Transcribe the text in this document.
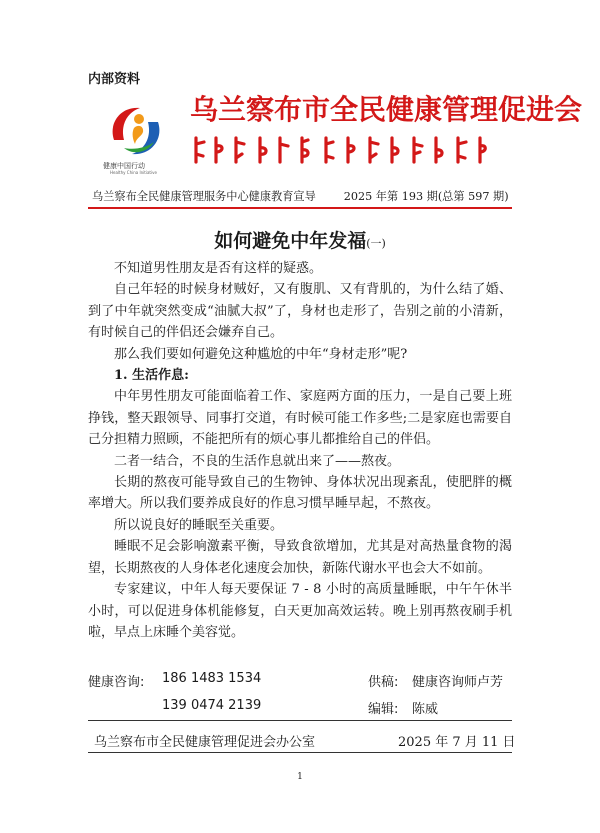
内部资料
健康中国行动
Healthy China Initiative
乌兰察布市全民健康管理促进会
乌兰察布全民健康管理服务中心健康教育宣导	2025 年第 193 期(总第 597 期)
如何避免中年发福(一)

不知道男性朋友是否有这样的疑惑。

自己年轻的时候身材贼好，又有腹肌、又有背肌的，为什么结了婚、到了中年就突然变成“油腻大叔”了，身材也走形了，告别之前的小清新，有时候自己的伴侣还会嫌弃自己。

那么我们要如何避免这种尴尬的中年“身材走形”呢?

1. 生活作息:

中年男性朋友可能面临着工作、家庭两方面的压力，一是自己要上班挣钱，整天跟领导、同事打交道，有时候可能工作多些;二是家庭也需要自己分担精力照顾，不能把所有的烦心事儿都推给自己的伴侣。

二者一结合，不良的生活作息就出来了——熬夜。

长期的熬夜可能导致自己的生物钟、身体状况出现紊乱，使肥胖的概率增大。所以我们要养成良好的作息习惯早睡早起，不熬夜。

所以说良好的睡眠至关重要。

睡眠不足会影响激素平衡，导致食欲增加，尤其是对高热量食物的渴望，长期熬夜的人身体老化速度会加快，新陈代谢水平也会大不如前。

专家建议，中年人每天要保证 7 - 8 小时的高质量睡眠，中午午休半小时，可以促进身体机能修复，白天更加高效运转。晚上别再熬夜刷手机啦，早点上床睡个美容觉。

健康咨询: 186 1483 1534
139 0474 2139
供稿: 健康咨询师卢芳
编辑: 陈威
乌兰察布市全民健康管理促进会办公室	2025 年 7 月 11 日
1
